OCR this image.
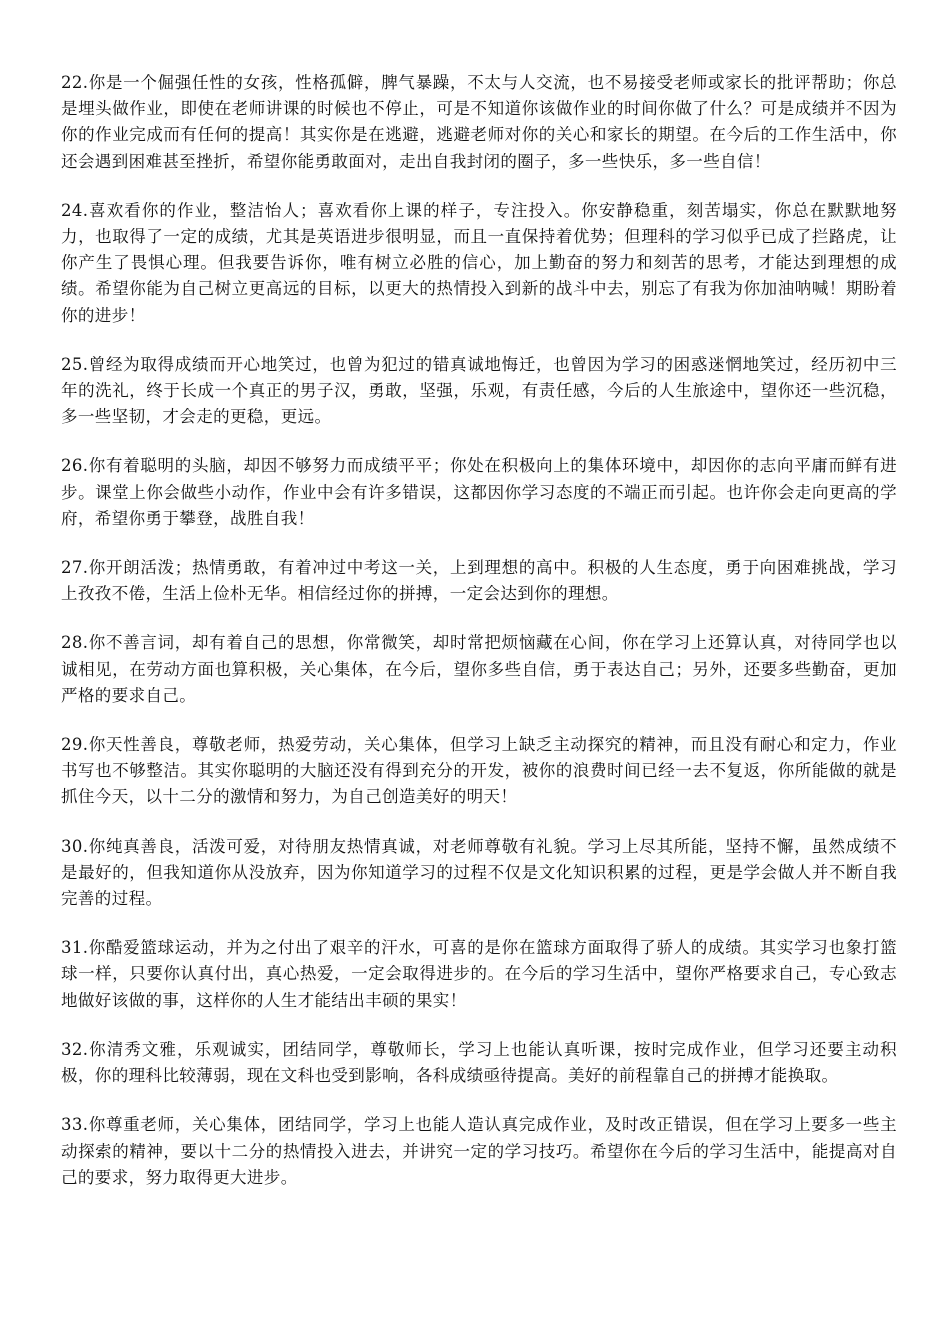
22.你是一个倔强任性的女孩，性格孤僻，脾气暴躁，不太与人交流，也不易接受老师或家长的批评帮助；你总是埋头做作业，即使在老师讲课的时候也不停止，可是不知道你该做作业的时间你做了什么？可是成绩并不因为你的作业完成而有任何的提高！其实你是在逃避，逃避老师对你的关心和家长的期望。在今后的工作生活中，你还会遇到困难甚至挫折，希望你能勇敢面对，走出自我封闭的圈子，多一些快乐，多一些自信！

24.喜欢看你的作业，整洁怡人；喜欢看你上课的样子，专注投入。你安静稳重，刻苦塌实，你总在默默地努力，也取得了一定的成绩，尤其是英语进步很明显，而且一直保持着优势；但理科的学习似乎已成了拦路虎，让你产生了畏惧心理。但我要告诉你，唯有树立必胜的信心，加上勤奋的努力和刻苦的思考，才能达到理想的成绩。希望你能为自己树立更高远的目标，以更大的热情投入到新的战斗中去，别忘了有我为你加油呐喊！期盼着你的进步！

25.曾经为取得成绩而开心地笑过，也曾为犯过的错真诚地悔迁，也曾因为学习的困惑迷惘地笑过，经历初中三年的洗礼，终于长成一个真正的男子汉，勇敢，坚强，乐观，有责任感，今后的人生旅途中，望你还一些沉稳，多一些坚韧，才会走的更稳，更远。

26.你有着聪明的头脑，却因不够努力而成绩平平；你处在积极向上的集体环境中，却因你的志向平庸而鲜有进步。课堂上你会做些小动作，作业中会有许多错误，这都因你学习态度的不端正而引起。也许你会走向更高的学府，希望你勇于攀登，战胜自我！

27.你开朗活泼；热情勇敢，有着冲过中考这一关，上到理想的高中。积极的人生态度，勇于向困难挑战，学习上孜孜不倦，生活上俭朴无华。相信经过你的拼搏，一定会达到你的理想。

28.你不善言词，却有着自己的思想，你常微笑，却时常把烦恼藏在心间，你在学习上还算认真，对待同学也以诚相见，在劳动方面也算积极，关心集体，在今后，望你多些自信，勇于表达自己；另外，还要多些勤奋，更加严格的要求自己。

29.你天性善良，尊敬老师，热爱劳动，关心集体，但学习上缺乏主动探究的精神，而且没有耐心和定力，作业书写也不够整洁。其实你聪明的大脑还没有得到充分的开发，被你的浪费时间已经一去不复返，你所能做的就是抓住今天，以十二分的激情和努力，为自己创造美好的明天！

30.你纯真善良，活泼可爱，对待朋友热情真诚，对老师尊敬有礼貌。学习上尽其所能，坚持不懈，虽然成绩不是最好的，但我知道你从没放弃，因为你知道学习的过程不仅是文化知识积累的过程，更是学会做人并不断自我完善的过程。

31.你酷爱篮球运动，并为之付出了艰辛的汗水，可喜的是你在篮球方面取得了骄人的成绩。其实学习也象打篮球一样，只要你认真付出，真心热爱，一定会取得进步的。在今后的学习生活中，望你严格要求自己，专心致志地做好该做的事，这样你的人生才能结出丰硕的果实！

32.你清秀文雅，乐观诚实，团结同学，尊敬师长，学习上也能认真听课，按时完成作业，但学习还要主动积极，你的理科比较薄弱，现在文科也受到影响，各科成绩亟待提高。美好的前程靠自己的拼搏才能换取。

33.你尊重老师，关心集体，团结同学，学习上也能人造认真完成作业，及时改正错误，但在学习上要多一些主动探索的精神，要以十二分的热情投入进去，并讲究一定的学习技巧。希望你在今后的学习生活中，能提高对自己的要求，努力取得更大进步。
